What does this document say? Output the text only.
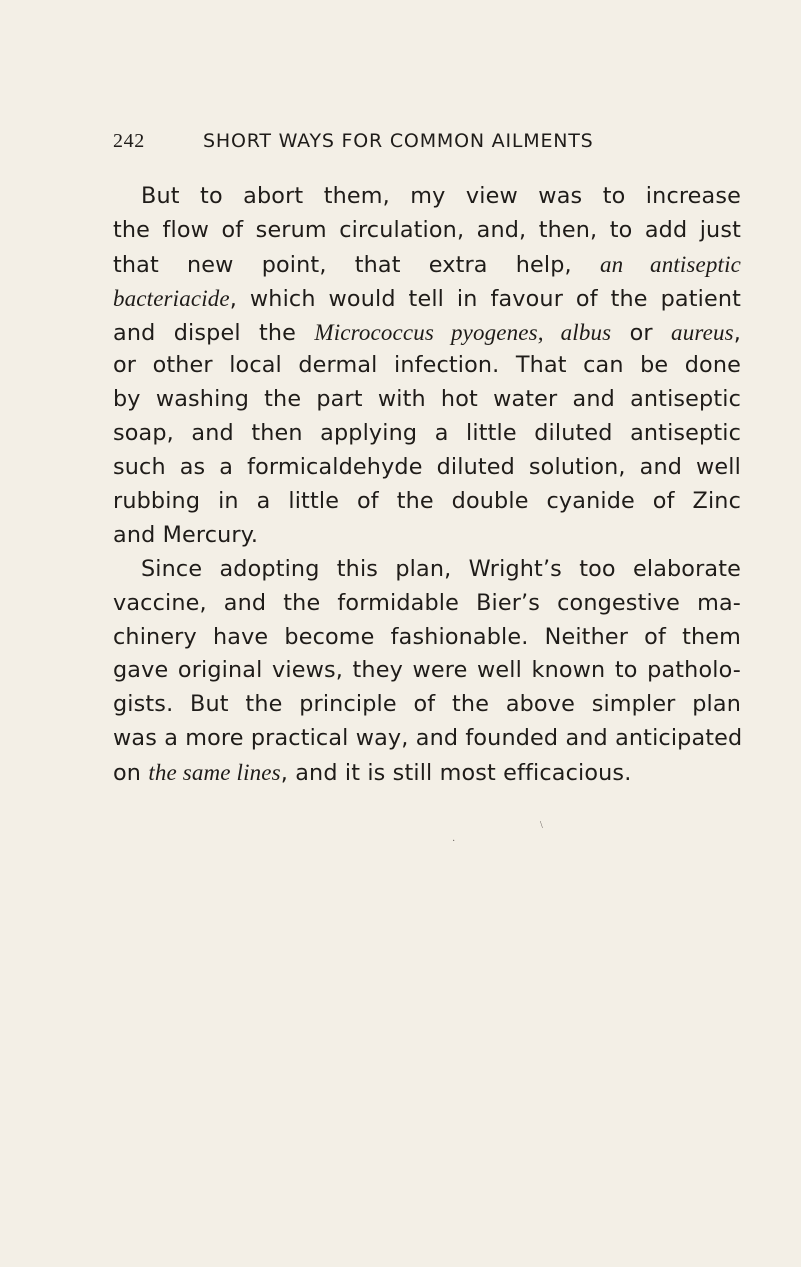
242	SHORT WAYS FOR COMMON AILMENTS
But to abort them, my view was to increase
the flow of serum circulation, and, then, to add just
that new point, that extra help, an antiseptic
bacteriacide, which would tell in favour of the patient
and dispel the Micrococcus pyogenes, albus or aureus,
or other local dermal infection. That can be done
by washing the part with hot water and antiseptic
soap, and then applying a little diluted antiseptic
such as a formicaldehyde diluted solution, and well
rubbing in a little of the double cyanide of Zinc
and Mercury.
Since adopting this plan, Wright’s too elaborate
vaccine, and the formidable Bier’s congestive ma-
chinery have become fashionable. Neither of them
gave original views, they were well known to patholo-
gists. But the principle of the above simpler plan
was a more practical way, and founded and anticipated
on the same lines, and it is still most efficacious.
·
\
